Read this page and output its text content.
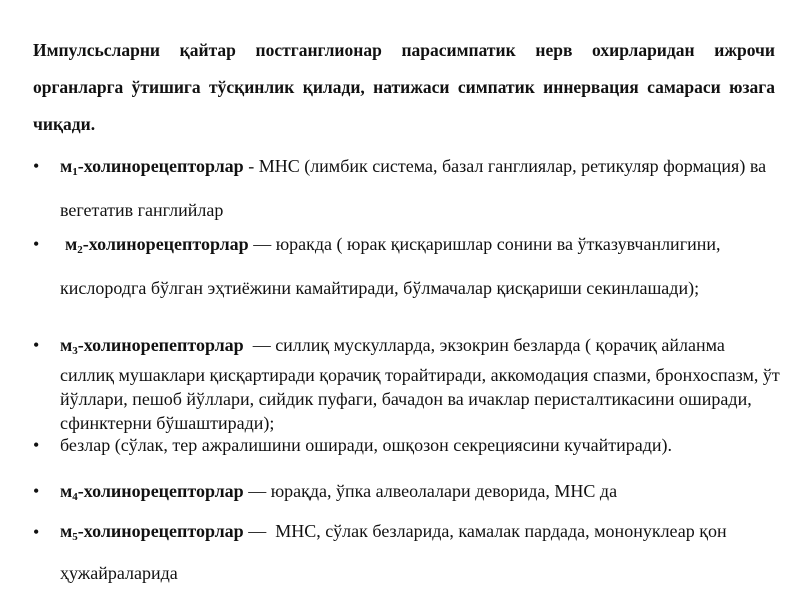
Импулсьсларни қайтар постганглионар парасимпатик нерв охирларидан ижрочи органларга ўтишига тўсқинлик қилади, натижаси симпатик иннервация самараси юзага чиқади.
• $м_1$-холинорецепторлар - МНС (лимбик система, базал ганглиялар, ретикуляр формация) ва вегетатив ганглийлар
• $м_2$-холинорецепторлар — юракда ( юрак қисқаришлар сонини ва ўтказувчанлигини, кислородга бўлган эҳтиёжини камайтиради, бўлмачалар қисқариши секинлашади);
• $м_3$-холинорепепторлар  — силлиқ мускулларда, экзокрин безларда ( қорачиқ айланма силлиқ мушаклари қисқартиради қорачиқ торайтиради, аккомодация спазми, бронхоспазм, ўт йўллари, пешоб йўллари, сийдик пуфаги, бачадон ва ичаклар перисталтикасини оширади, сфинктерни бўшаштиради);
• безлар (сўлак, тер ажралишини оширади, ошқозон секрециясини кучайтиради).
• $м_4$-холинорецепторлар — юрақда, ўпка алвеолалари деворида, МНС да
• $м_5$-холинорецепторлар —  МНС, сўлак безларида, камалак пардада, мононуклеар қон ҳужайраларида
